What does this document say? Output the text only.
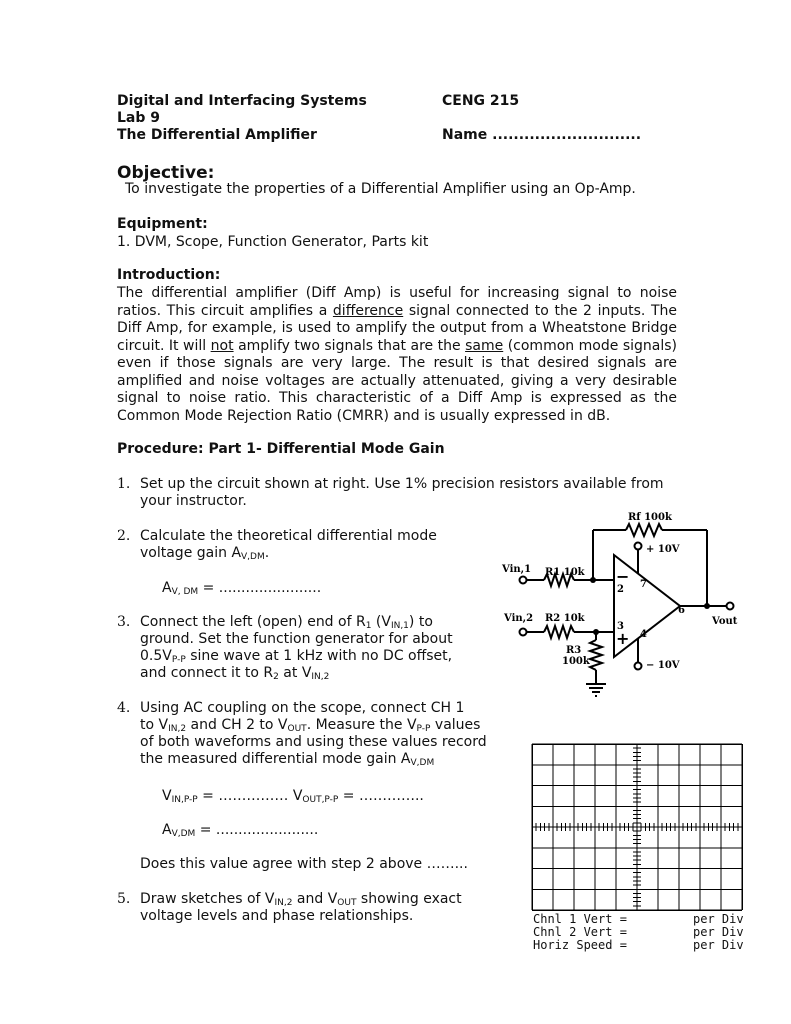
Digital and Interfacing Systems	CENG 215
Lab 9
The Differential Amplifier	Name ............................
Objective:
To investigate the properties of a Differential Amplifier using an Op-Amp.
Equipment:
1. DVM, Scope, Function Generator, Parts kit
Introduction:
The differential amplifier (Diff Amp) is useful for increasing signal to noise ratios. This circuit amplifies a difference signal connected to the 2 inputs. The Diff Amp, for example, is used to amplify the output from a Wheatstone Bridge circuit. It will not amplify two signals that are the same (common mode signals) even if those signals are very large. The result is that desired signals are amplified and noise voltages are actually attenuated, giving a very desirable signal to noise ratio. This characteristic of a Diff Amp is expressed as the Common Mode Rejection Ratio (CMRR) and is usually expressed in dB.
Procedure: Part 1- Differential Mode Gain
1. Set up the circuit shown at right. Use 1% precision resistors available from
your instructor.
2. Calculate the theoretical differential mode
voltage gain $A_{V,DM}$.
$A_{V, DM}$ = .......................
3. Connect the left (open) end of $R_1$ $(V_{IN,1})$ to
ground. Set the function generator for about
$0.5V_{P-P}$ sine wave at 1 kHz with no DC offset,
and connect it to $R_2$ at $V_{IN,2}$
4. Using AC coupling on the scope, connect CH 1
to $V_{IN,2}$ and CH 2 to $V_{OUT}$. Measure the $V_{P-P}$ values
of both waveforms and using these values record
the measured differential mode gain $A_{V,DM}$
$V_{IN,P-P}$ = …………… $V_{OUT,P-P}$ = …………..
$A_{V,DM}$ = .......................
Does this value agree with step 2 above ……...
5. Draw sketches of $V_{IN,2}$ and $V_{OUT}$ showing exact
voltage levels and phase relationships.
Rf 100k
+ 10V
Vin,1 R1 10k
Vin,2 R2 10k
R3
100k
7
2
3
4
6
Vout
− 10V
−
+
Chnl 1 Vert =	per Div
Chnl 2 Vert =	per Div
Horiz Speed =	per Div
